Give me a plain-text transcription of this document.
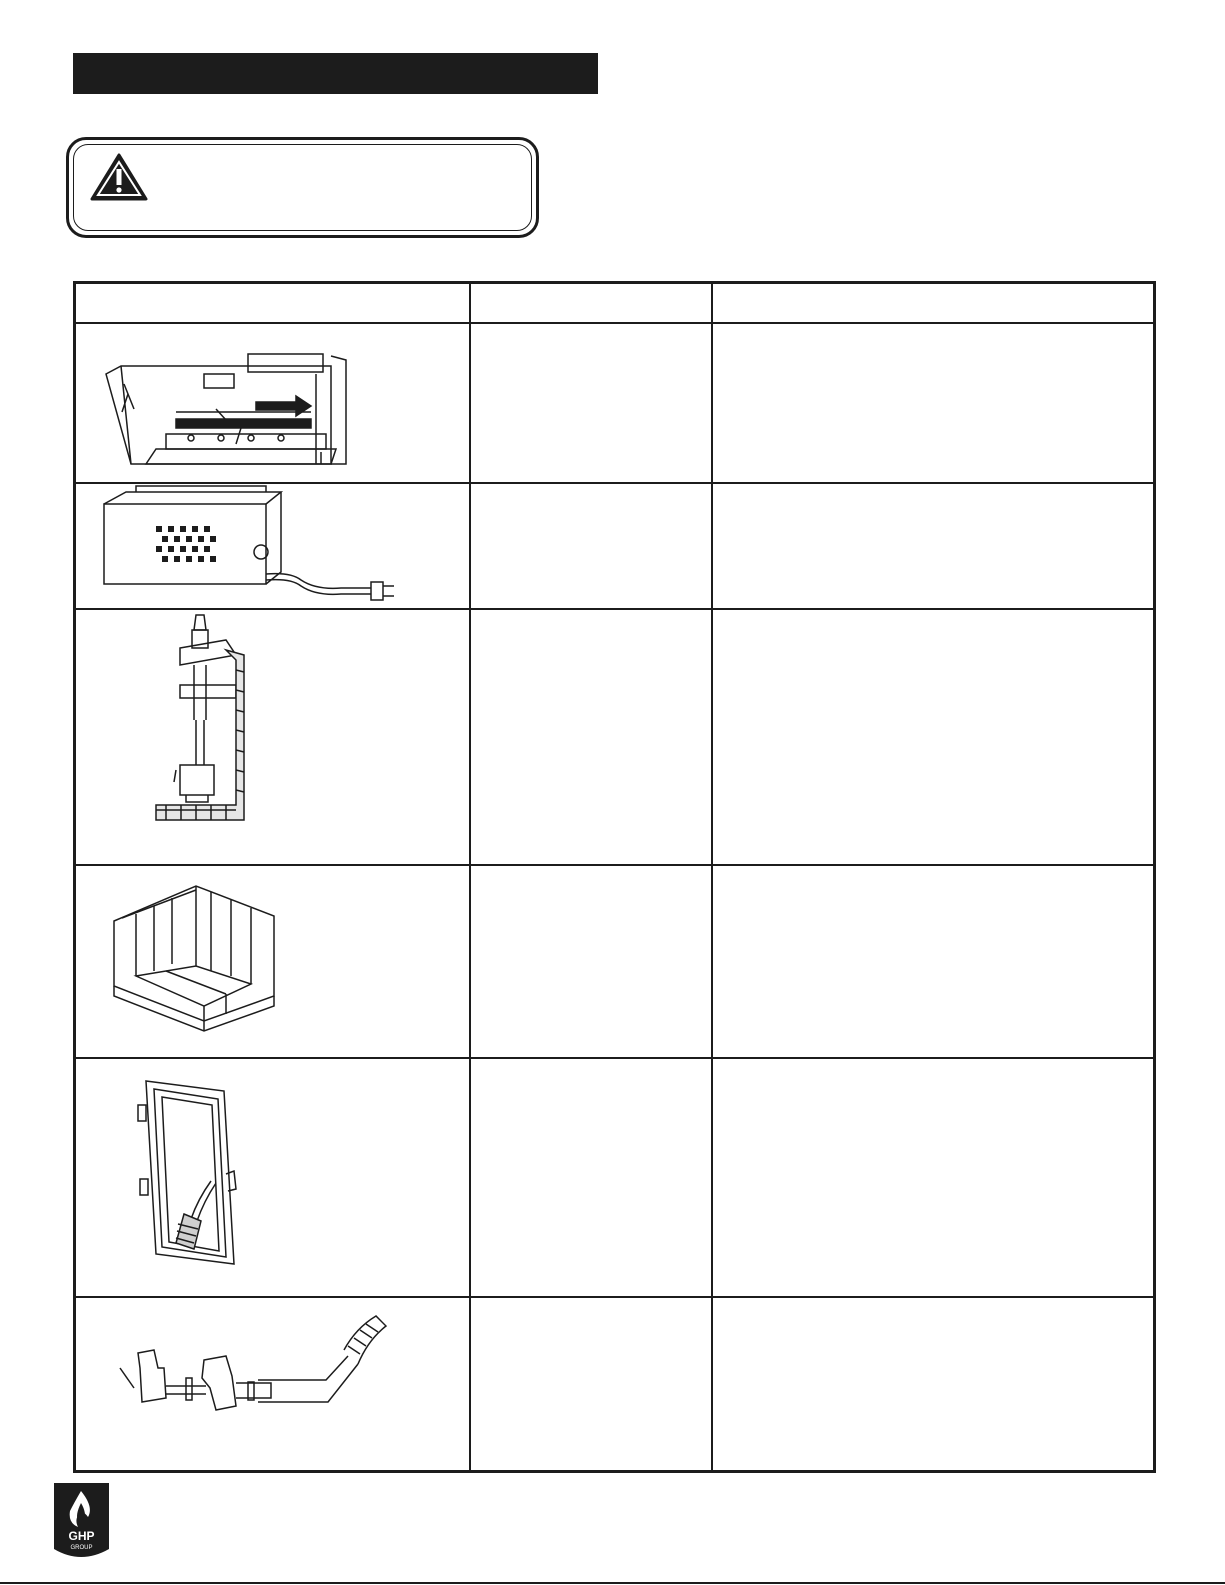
GHP
GROUP
